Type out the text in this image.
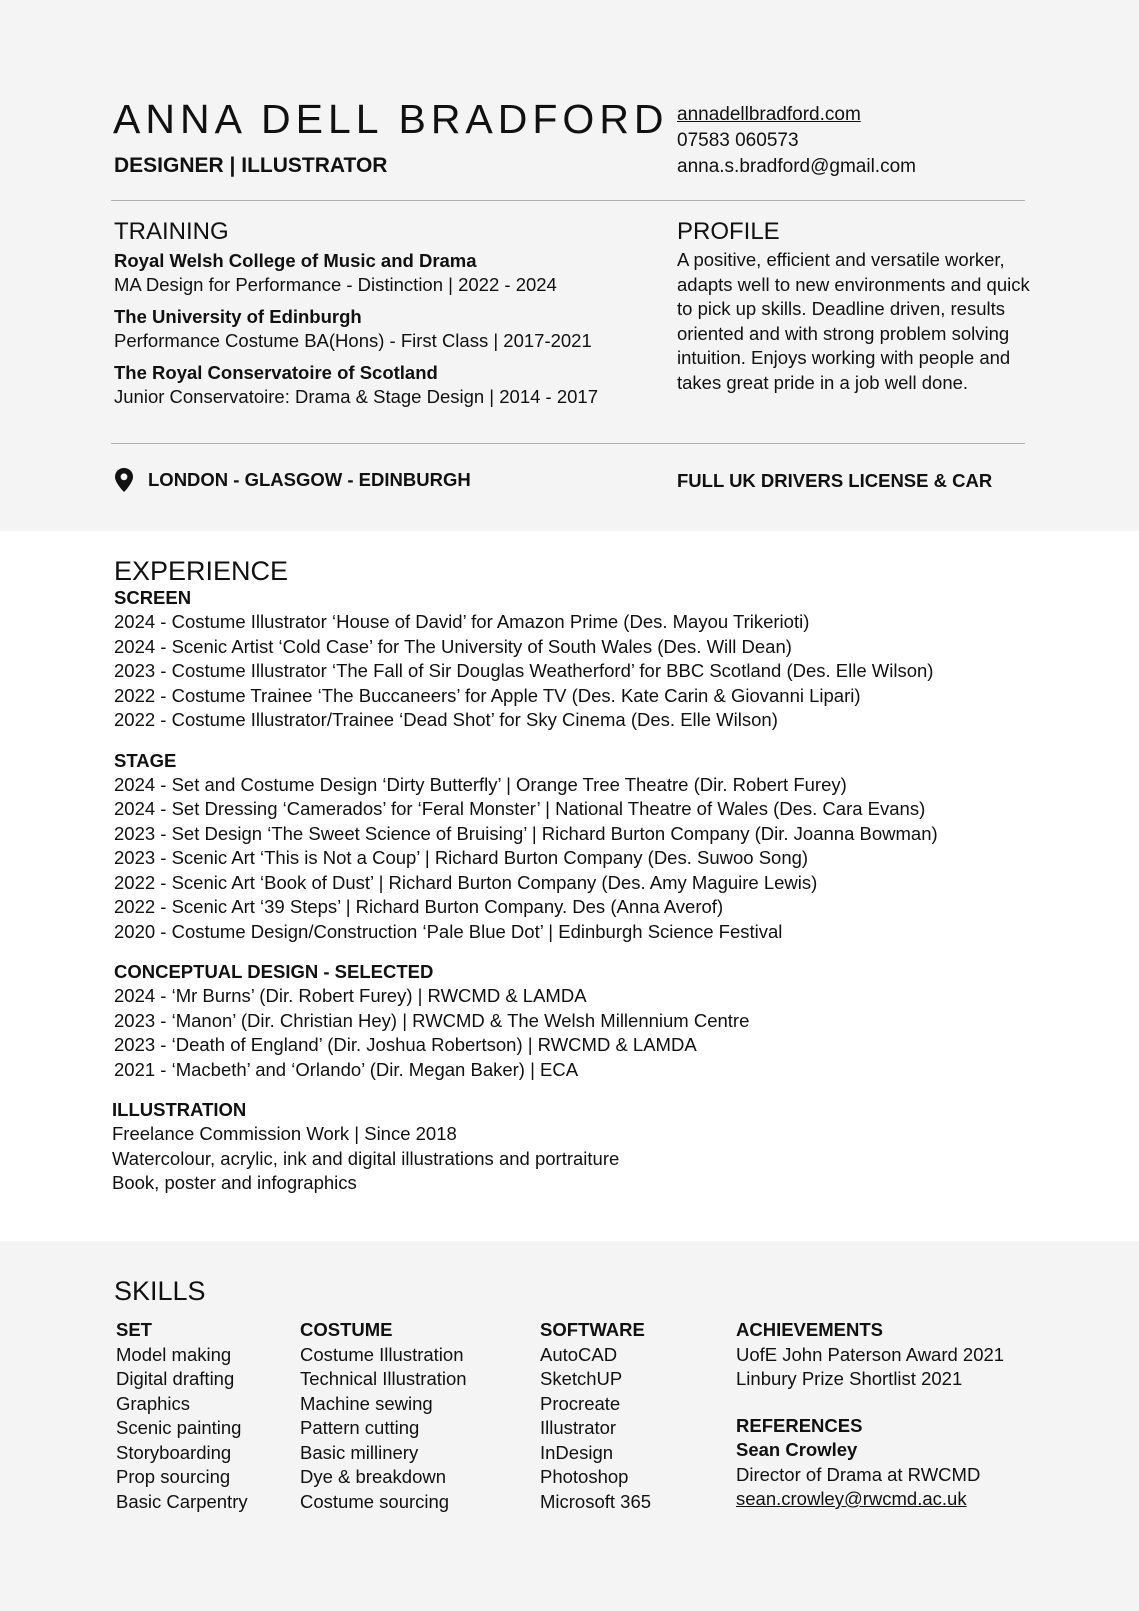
ANNA DELL BRADFORD
DESIGNER | ILLUSTRATOR
annadellbradford.com
07583 060573
anna.s.bradford@gmail.com
TRAINING
Royal Welsh College of Music and Drama
MA Design for Performance - Distinction | 2022 - 2024
The University of Edinburgh
Performance Costume BA(Hons) - First Class | 2017-2021
The Royal Conservatoire of Scotland
Junior Conservatoire: Drama & Stage Design | 2014 - 2017
PROFILE

A positive, efficient and versatile worker, adapts well to new environments and quick to pick up skills. Deadline driven, results oriented and with strong problem solving intuition. Enjoys working with people and takes great pride in a job well done.

LONDON - GLASGOW - EDINBURGH	FULL UK DRIVERS LICENSE & CAR
EXPERIENCE
SCREEN
2024 - Costume Illustrator ‘House of David’ for Amazon Prime (Des. Mayou Trikerioti)
2024 - Scenic Artist ‘Cold Case’ for The University of South Wales (Des. Will Dean)
2023 - Costume Illustrator ‘The Fall of Sir Douglas Weatherford’ for BBC Scotland (Des. Elle Wilson)
2022 - Costume Trainee ‘The Buccaneers’ for Apple TV (Des. Kate Carin & Giovanni Lipari)
2022 - Costume Illustrator/Trainee ‘Dead Shot’ for Sky Cinema (Des. Elle Wilson)
STAGE
2024 - Set and Costume Design ‘Dirty Butterfly’ | Orange Tree Theatre (Dir. Robert Furey)
2024 - Set Dressing ‘Camerados’ for ‘Feral Monster’ | National Theatre of Wales (Des. Cara Evans)
2023 - Set Design ‘The Sweet Science of Bruising’ | Richard Burton Company (Dir. Joanna Bowman)
2023 - Scenic Art ‘This is Not a Coup’ | Richard Burton Company (Des. Suwoo Song)
2022 - Scenic Art ‘Book of Dust’ | Richard Burton Company (Des. Amy Maguire Lewis)
2022 - Scenic Art ‘39 Steps’ | Richard Burton Company. Des (Anna Averof)
2020 - Costume Design/Construction ‘Pale Blue Dot’ | Edinburgh Science Festival
CONCEPTUAL DESIGN - SELECTED
2024 - ‘Mr Burns’ (Dir. Robert Furey) | RWCMD & LAMDA
2023 - ‘Manon’ (Dir. Christian Hey) | RWCMD & The Welsh Millennium Centre
2023 - ‘Death of England’ (Dir. Joshua Robertson) | RWCMD & LAMDA
2021 - ‘Macbeth’ and ‘Orlando’ (Dir. Megan Baker) | ECA
ILLUSTRATION
Freelance Commission Work | Since 2018
Watercolour, acrylic, ink and digital illustrations and portraiture
Book, poster and infographics
SKILLS
SET
Model making
Digital drafting
Graphics
Scenic painting
Storyboarding
Prop sourcing
Basic Carpentry
COSTUME
Costume Illustration
Technical Illustration
Machine sewing
Pattern cutting
Basic millinery
Dye & breakdown
Costume sourcing
SOFTWARE
AutoCAD
SketchUP
Procreate
Illustrator
InDesign
Photoshop
Microsoft 365
ACHIEVEMENTS
UofE John Paterson Award 2021
Linbury Prize Shortlist 2021
REFERENCES
Sean Crowley
Director of Drama at RWCMD
sean.crowley@rwcmd.ac.uk
